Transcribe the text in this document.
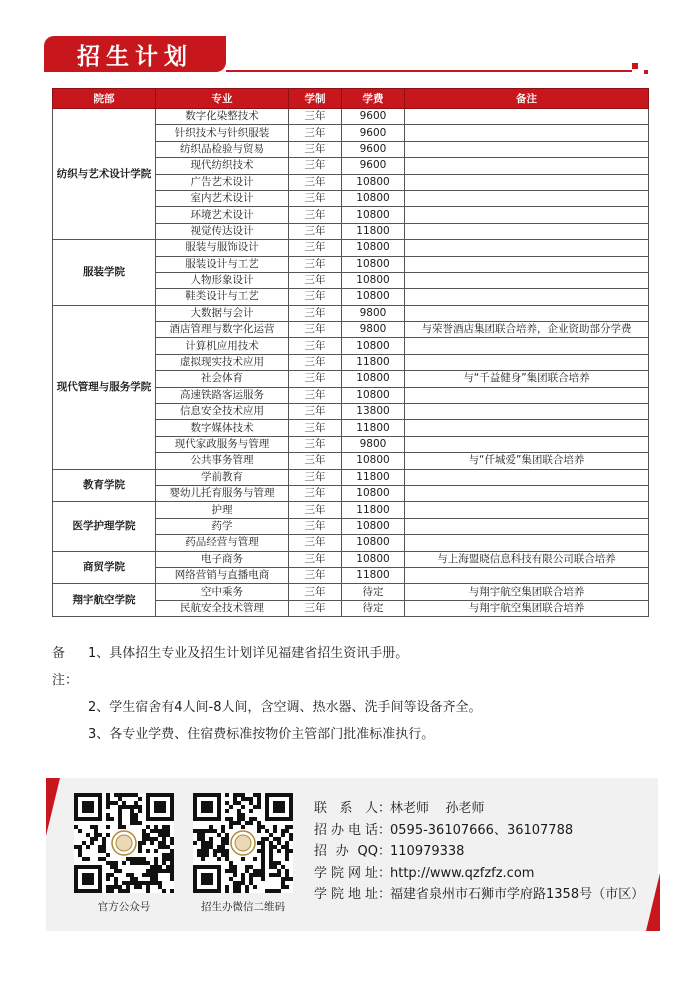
招生计划
院部	专业	学制	学费	备注
纺织与艺术设计学院	数字化染整技术	三年	9600	
	针织技术与针织服装	三年	9600	
	纺织品检验与贸易	三年	9600	
	现代纺织技术	三年	9600	
	广告艺术设计	三年	10800	
	室内艺术设计	三年	10800	
	环境艺术设计	三年	10800	
	视觉传达设计	三年	11800	
服装学院	服装与服饰设计	三年	10800	
	服装设计与工艺	三年	10800	
	人物形象设计	三年	10800	
	鞋类设计与工艺	三年	10800	
现代管理与服务学院	大数据与会计	三年	9800	
	酒店管理与数字化运营	三年	9800	与荣誉酒店集团联合培养，企业资助部分学费
	计算机应用技术	三年	10800	
	虚拟现实技术应用	三年	11800	
	社会体育	三年	10800	与“千益健身”集团联合培养
	高速铁路客运服务	三年	10800	
	信息安全技术应用	三年	13800	
	数字媒体技术	三年	11800	
	现代家政服务与管理	三年	9800	
	公共事务管理	三年	10800	与“仟城爱”集团联合培养
教育学院	学前教育	三年	11800	
	婴幼儿托育服务与管理	三年	10800	
医学护理学院	护理	三年	11800	
	药学	三年	10800	
	药品经营与管理	三年	10800	
商贸学院	电子商务	三年	10800	与上海盟晓信息科技有限公司联合培养
	网络营销与直播电商	三年	11800	
翔宇航空学院	空中乘务	三年	待定	与翔宇航空集团联合培养
	民航安全技术管理	三年	待定	与翔宇航空集团联合培养
备注：
1、具体招生专业及招生计划详见福建省招生资讯手册。
2、学生宿舍有4人间-8人间，含空调、热水器、洗手间等设备齐全。
3、各专业学费、住宿费标准按物价主管部门批准标准执行。
官方公众号	招生办微信二维码
联系人 ：
林老师    孙老师
招办电话 ：
0595-36107666、36107788
招办QQ ：
110979338
学院网址 ：
http://www.qzfzfz.com
学院地址 ：
福建省泉州市石狮市学府路1358号（市区）
